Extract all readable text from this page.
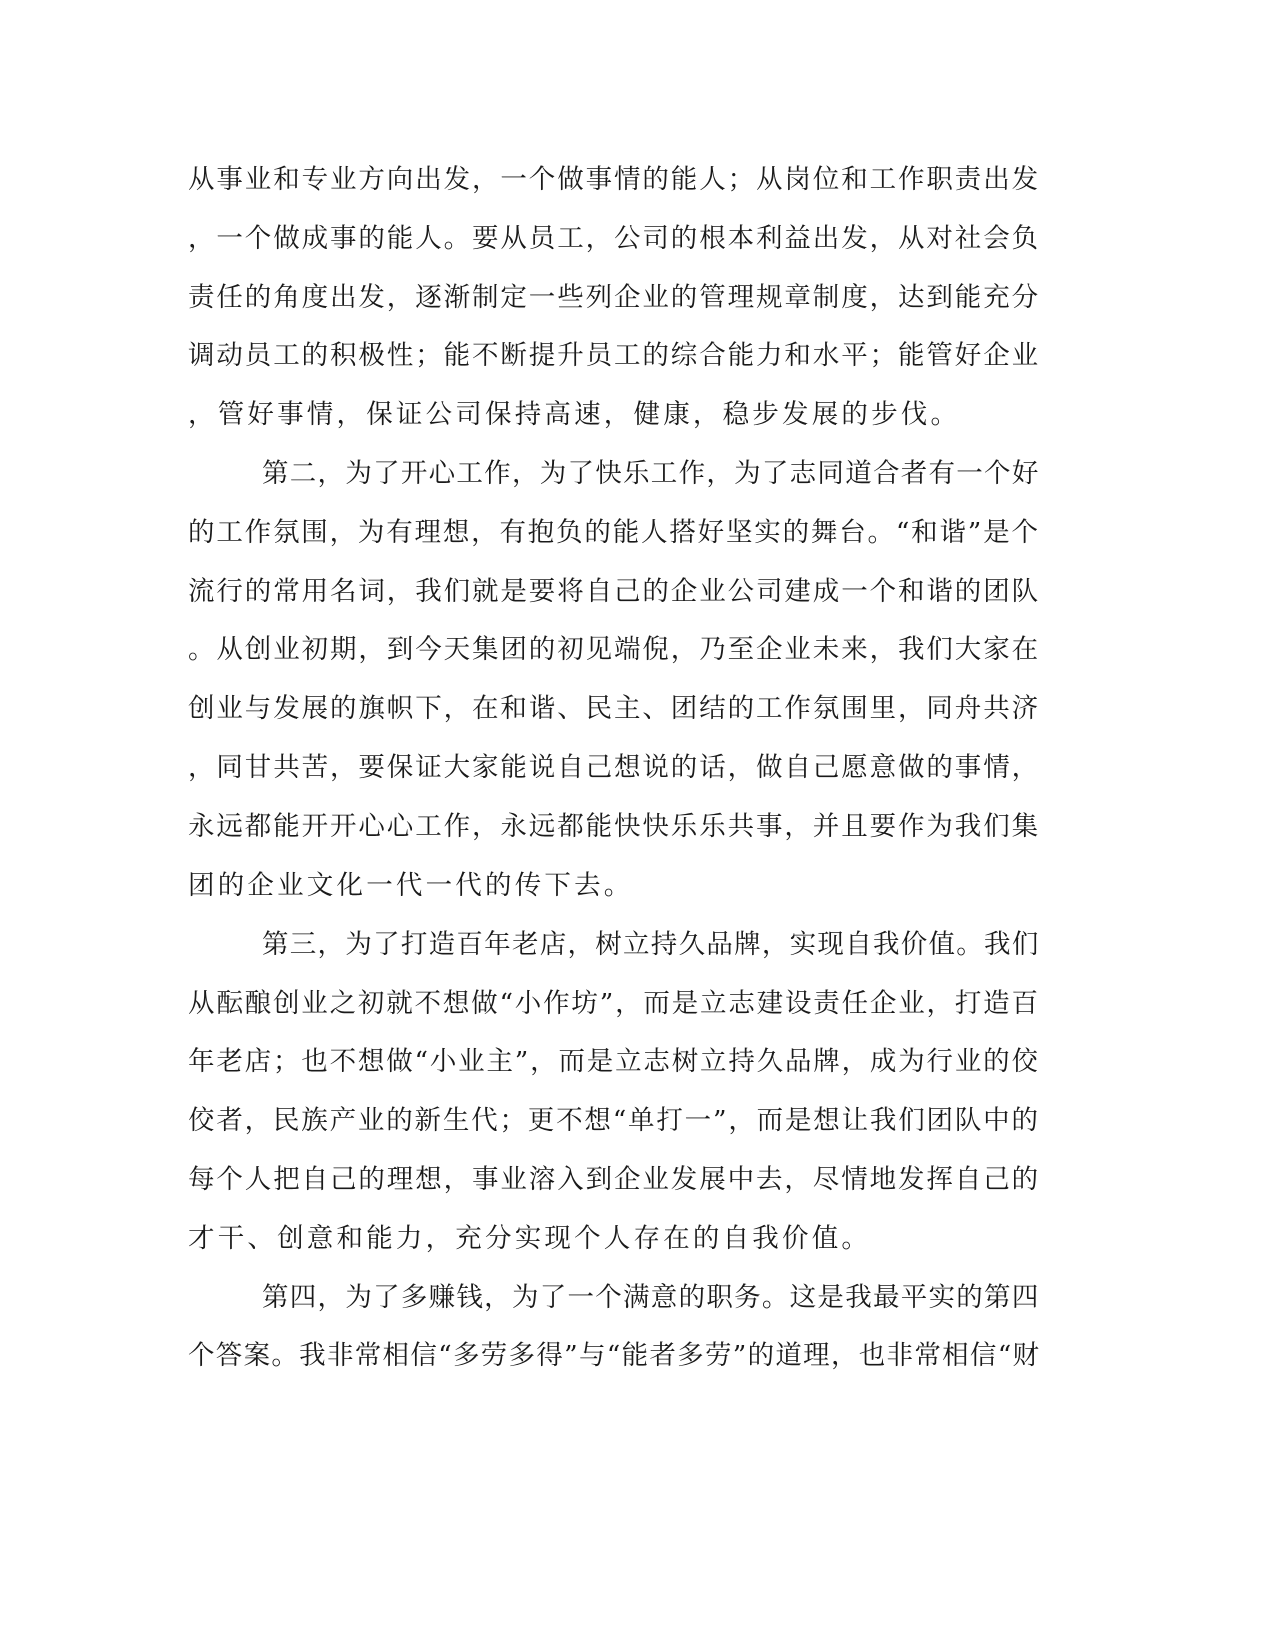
从事业和专业方向出发，一个做事情的能人；从岗位和工作职责出发
，一个做成事的能人。要从员工，公司的根本利益出发，从对社会负
责任的角度出发，逐渐制定一些列企业的管理规章制度，达到能充分
调动员工的积极性；能不断提升员工的综合能力和水平；能管好企业
，管好事情，保证公司保持高速，健康，稳步发展的步伐。
第二，为了开心工作，为了快乐工作，为了志同道合者有一个好
的工作氛围，为有理想，有抱负的能人搭好坚实的舞台。“和谐”是个
流行的常用名词，我们就是要将自己的企业公司建成一个和谐的团队
。从创业初期，到今天集团的初见端倪，乃至企业未来，我们大家在
创业与发展的旗帜下，在和谐、民主、团结的工作氛围里，同舟共济
，同甘共苦，要保证大家能说自己想说的话，做自己愿意做的事情，
永远都能开开心心工作，永远都能快快乐乐共事，并且要作为我们集
团的企业文化一代一代的传下去。
第三，为了打造百年老店，树立持久品牌，实现自我价值。我们
从酝酿创业之初就不想做“小作坊”，而是立志建设责任企业，打造百
年老店；也不想做“小业主”，而是立志树立持久品牌，成为行业的佼
佼者，民族产业的新生代；更不想“单打一”，而是想让我们团队中的
每个人把自己的理想，事业溶入到企业发展中去，尽情地发挥自己的
才干、创意和能力，充分实现个人存在的自我价值。
第四，为了多赚钱，为了一个满意的职务。这是我最平实的第四
个答案。我非常相信“多劳多得”与“能者多劳”的道理，也非常相信“财
